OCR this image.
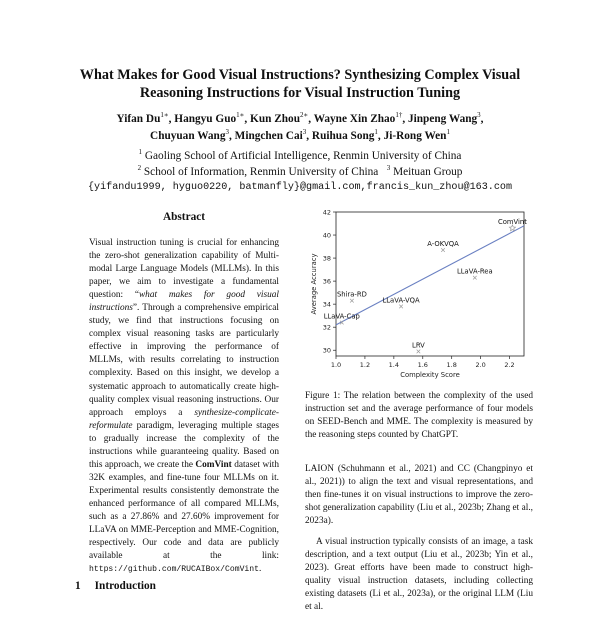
What Makes for Good Visual Instructions? Synthesizing Complex Visual
Reasoning Instructions for Visual Instruction Tuning
Yifan $Du^{1∗}$, Hangyu Guo$^{1∗}$, Kun Zhou$^{2∗}$, Wayne Xin Zhao$^{1\dagger}$, Jinpeng Wang$^3$,
Chuyuan Wang$^3$, Mingchen Cai$^3$, Ruihua Song$^1$, Ji-Rong Wen$^1$
$^1$ Gaoling School of Artificial Intelligence, Renmin University of China
$^2$ School of Information, Renmin University of China $^3$ Meituan Group
{yifandu1999, hyguo0220, batmanfly}@gmail.com,francis_kun_zhou@163.com
Abstract
Visual instruction tuning is crucial for enhancing the zero-shot generalization capability of Multi-modal Large Language Models (MLLMs). In this paper, we aim to investigate a fundamental question: “what makes for good visual instructions”. Through a comprehensive empirical study, we find that instructions focusing on complex visual reasoning tasks are particularly effective in improving the performance of MLLMs, with results correlating to instruction complexity. Based on this insight, we develop a systematic approach to automatically create high-quality complex visual reasoning instructions. Our approach employs a synthesize-complicate-reformulate paradigm, leveraging multiple stages to gradually increase the complexity of the instructions while guaranteeing quality. Based on this approach, we create the ComVint dataset with 32K examples, and fine-tune four MLLMs on it. Experimental results consistently demonstrate the enhanced performance of all compared MLLMs, such as a 27.86% and 27.60% improvement for LLaVA on MME-Perception and MME-Cognition, respectively. Our code and data are publicly available at the link: https://github.com/RUCAIBox/ComVint.
1 Introduction
1.0	1.2	1.4	1.6	1.8	2.0	2.2
30
32
34
36
38
40
42
Complexity Score
Average Accuracy
ComVint
A-OKVQA
LLaVA-Rea
Shira-RD
LLaVA-VQA
LLaVA-Cap
LRV
Figure 1: The relation between the complexity of the used instruction set and the average performance of four models on SEED-Bench and MME. The complexity is measured by the reasoning steps counted by ChatGPT.

LAION (Schuhmann et al., 2021) and CC (Changpinyo et al., 2021)) to align the text and visual representations, and then fine-tunes it on visual instructions to improve the zero-shot generalization capability (Liu et al., 2023b; Zhang et al., 2023a).

A visual instruction typically consists of an image, a task description, and a text output (Liu et al., 2023b; Yin et al., 2023). Great efforts have been made to construct high-quality visual instruction datasets, including collecting existing datasets (Li et al., 2023a), or the original LLM (Liu et al.
